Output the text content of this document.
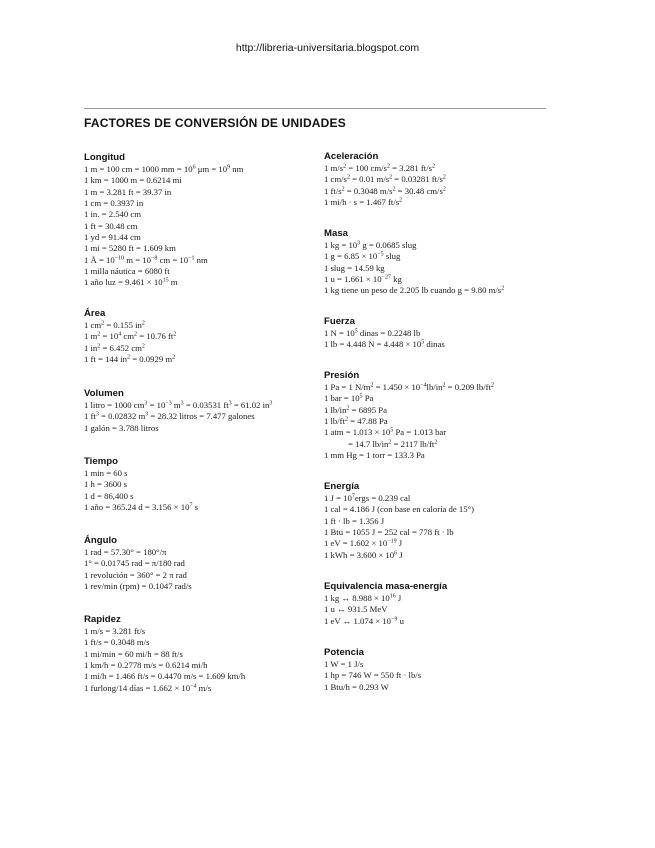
http://libreria-universitaria.blogspot.com
FACTORES DE CONVERSIÓN DE UNIDADES
Longitud
1 m = 100 cm = 1000 mm = $10^6$ $\mu m = 10^9$ nm
1 km = 1000 m = 0.6214 mi
1 m = 3.281 ft = 39.37 in
1 cm = 0.3937 in
1 in. = 2.540 cm
1 ft = 30.48 cm
1 yd = 91.44 cm
1 mi = 5280 ft = 1.609 km
1 Å = $10^{-10}$ $m = 10^{-8}$ cm = $10^{-1}$ nm
1 milla náutica = 6080 ft
1 año luz = $9.461 \times 10^{15}$ m
Área
1 $cm^2 = 0.155$ $in^2$
1 $m^2 = 10^4$ $cm^2 = 10.76$ $ft^2$
1 $in^2 = 6.452$ $cm^2$
1 ft = 144 $in^2 = 0.0929$ $m^2$
Volumen
1 litro = 1000 $cm^3 = 10^{-3}$ $m^3 = 0.03531$ $ft^3 = 61.02$ $in^3$
1 $ft^3 = 0.02832$ $m^3 = 28.32$ litros = 7.477 galones
1 galón = 3.788 litros
Tiempo
1 min = 60 s
1 h = 3600 s
1 d = 86,400 s
1 año = 365.24 $d = 3.156 \times 10^7$ s
Ángulo
1 rad = 57.30° = 180°/π
1° = 0.01745 rad = π/180 rad
1 revolución = 360° = 2 π rad
1 rev/min (rpm) = 0.1047 rad/s
Rapidez
1 m/s = 3.281 ft/s
1 ft/s = 0.3048 m/s
1 mi/min = 60 mi/h = 88 ft/s
1 km/h = 0.2778 m/s = 0.6214 mi/h
1 mi/h = 1.466 ft/s = 0.4470 m/s = 1.609 km/h
1 furlong/14 días = $1.662 \times 10^{-4}$ m/s
Aceleración
1 $m/s^2 = 100$ $cm/s^2 = 3.281$ $ft/s^2$
1 $cm/s^2 = 0.01$ $m/s^2 = 0.03281$ $ft/s^2$
1 $ft/s^2 = 0.3048$ $m/s^2 = 30.48$ $cm/s^2$
1 mi/h · s = 1.467 $ft/s^2$
Masa
1 kg = $10^3$ g = 0.0685 slug
1 $g = 6.85 \times 10^{-5}$ slug
1 slug = 14.59 kg
1 $u = 1.661 \times 10^{-27}$ kg
1 kg tiene un peso de 2.205 lb cuando g = 9.80 $m/s^2$
Fuerza
1 $N = 10^5$ dinas = 0.2248 lb
1 lb = 4.448 $N = 4.448 \times 10^5$ dinas
Presión
1 Pa = 1 $N/m^2 = 1.450 \times 10^{-4}lb/in^2 = 0.209$ $lb/ft^2$
1 bar = $10^5$ Pa
1 $lb/in^2 = 6895$ Pa
1 $lb/ft^2 = 47.88$ Pa
1 atm = $1.013 \times 10^5$ Pa = 1.013 bar
= 14.7 $lb/in^2 = 2117$ $lb/ft^2$
1 mm Hg = 1 torr = 133.3 Pa
Energía
1 $J = 10^7ergs = 0.239$ cal
1 cal = 4.186 J (con base en caloría de 15°)
1 ft · lb = 1.356 J
1 Btu = 1055 J = 252 cal = 778 ft · lb
1 eV = $1.602 \times 10^{-19}$ J
1 kWh = $3.600 \times 10^6$ J
Equivalencia masa-energía
1 kg ↔ $8.988 \times 10^{16}$ J
1 u ↔ 931.5 MeV
1 eV ↔ $1.074 \times 10^{-9}$ u
Potencia
1 W = 1 J/s
1 hp = 746 W = 550 ft · lb/s
1 Btu/h = 0.293 W
